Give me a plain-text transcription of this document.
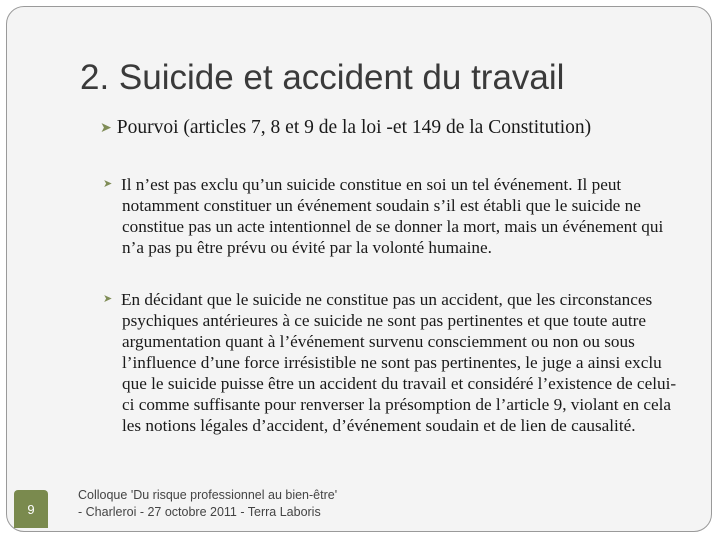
2. Suicide et accident du travail
➤ Pourvoi (articles 7, 8 et 9 de la loi -et 149 de la Constitution)
➤ Il n’est pas exclu qu’un suicide constitue en soi un tel événement. Il peut notamment constituer un événement soudain s’il est établi que le suicide ne constitue pas un acte intentionnel de se donner la mort, mais un événement qui n’a pas pu être prévu ou évité par la volonté humaine.
➤ En décidant que le suicide ne constitue pas un accident, que les circonstances psychiques antérieures à ce suicide ne sont pas pertinentes et que toute autre argumentation quant à l’événement survenu consciemment ou non ou sous l’influence d’une force irrésistible ne sont pas pertinentes, le juge a ainsi exclu que le suicide puisse être un accident du travail et considéré l’existence de celui-ci comme suffisante pour renverser la présomption de l’article 9, violant en cela les notions légales d’accident, d’événement soudain et de lien de causalité.
9
Colloque 'Du risque professionnel au bien-être'
- Charleroi - 27 octobre 2011 - Terra Laboris
